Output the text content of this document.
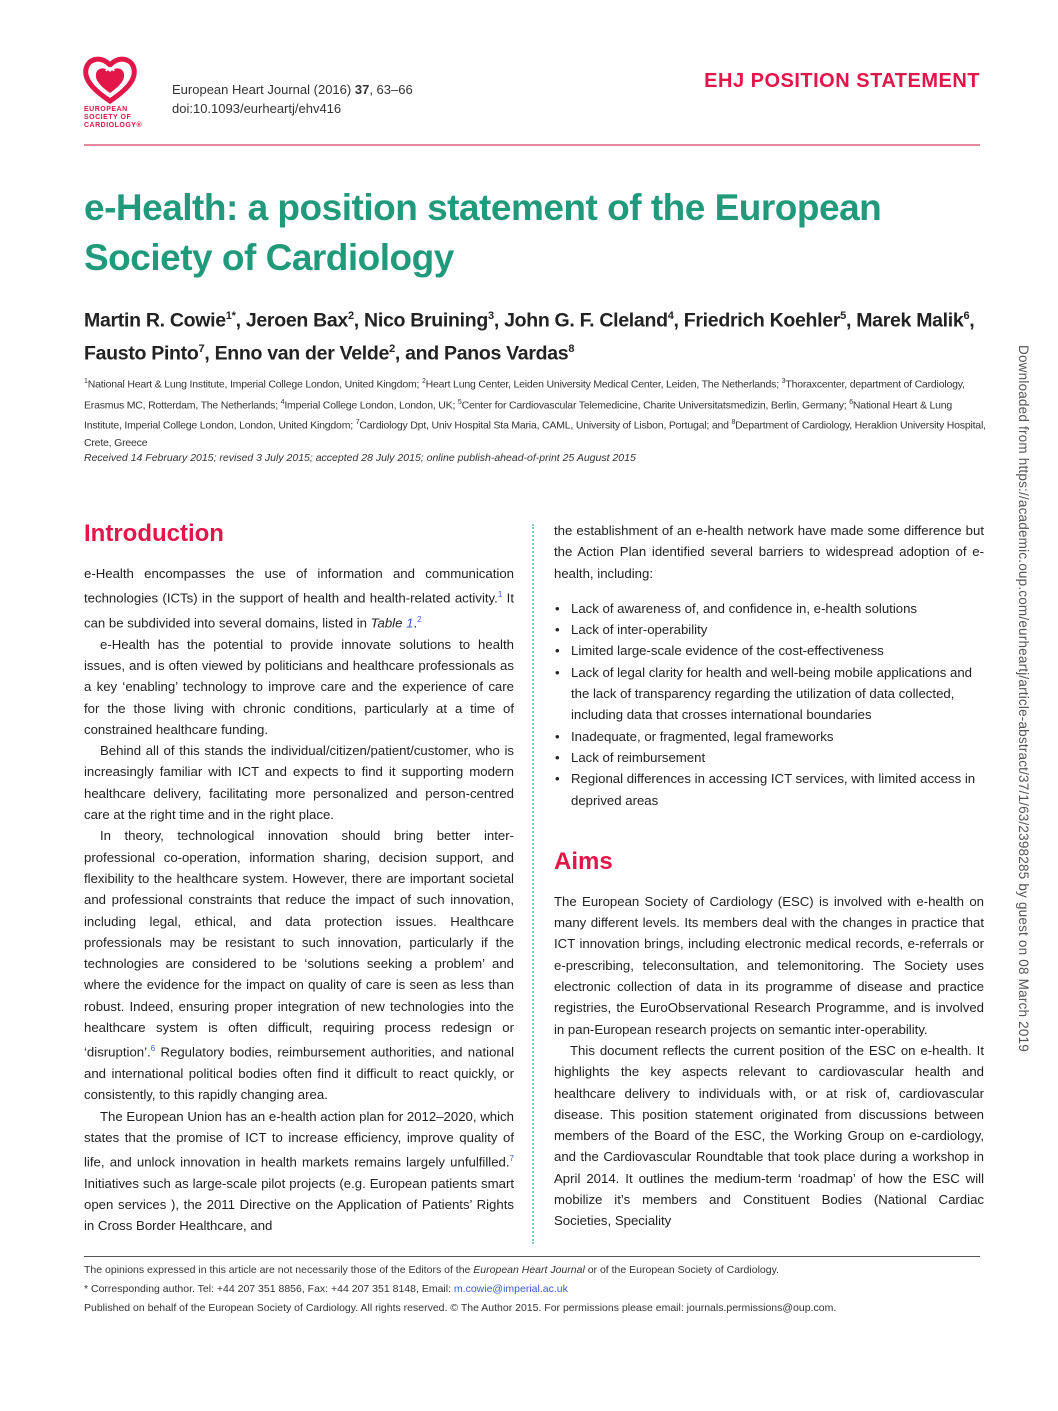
EUROPEAN
SOCIETY OF
CARDIOLOGY®
European Heart Journal (2016) 37, 63–66
doi:10.1093/eurheartj/ehv416
EHJ POSITION STATEMENT
e-Health: a position statement of the European Society of Cardiology
Martin R. Cowie$^{1*}$, Jeroen Bax$^2$, Nico Bruining$^3$, John G. F. Cleland$^4$, Friedrich Koehler$^5$, Marek Malik$^6$, Fausto Pinto$^7$, Enno van der Velde$^2$, and Panos Vardas$^8$
$^1$National Heart & Lung Institute, Imperial College London, United Kingdom; $^2$Heart Lung Center, Leiden University Medical Center, Leiden, The Netherlands; $^3$Thoraxcenter, department of Cardiology, Erasmus MC, Rotterdam, The Netherlands; $^4$Imperial College London, London, UK; $^5$Center for Cardiovascular Telemedicine, Charite Universitatsmedizin, Berlin, Germany; $^6$National Heart & Lung Institute, Imperial College London, London, United Kingdom; $^7$Cardiology Dpt, Univ Hospital Sta Maria, CAML, University of Lisbon, Portugal; and $^8$Department of Cardiology, Heraklion University Hospital, Crete, Greece
Received 14 February 2015; revised 3 July 2015; accepted 28 July 2015; online publish-ahead-of-print 25 August 2015
Introduction

e-Health encompasses the use of information and communication technologies (ICTs) in the support of health and health-related activity.$^1$ It can be subdivided into several domains, listed in Table 1.$^2$

e-Health has the potential to provide innovate solutions to health issues, and is often viewed by politicians and healthcare professionals as a key ‘enabling’ technology to improve care and the experience of care for the those living with chronic conditions, particularly at a time of constrained healthcare funding.

Behind all of this stands the individual/citizen/patient/customer, who is increasingly familiar with ICT and expects to find it supporting modern healthcare delivery, facilitating more personalized and person-centred care at the right time and in the right place.

In theory, technological innovation should bring better inter-professional co-operation, information sharing, decision support, and flexibility to the healthcare system. However, there are important societal and professional constraints that reduce the impact of such innovation, including legal, ethical, and data protection issues. Healthcare professionals may be resistant to such innovation, particularly if the technologies are considered to be ‘solutions seeking a problem’ and where the evidence for the impact on quality of care is seen as less than robust. Indeed, ensuring proper integration of new technologies into the healthcare system is often difficult, requiring process redesign or ‘disruption’.$^6$ Regulatory bodies, reimbursement authorities, and national and international political bodies often find it difficult to react quickly, or consistently, to this rapidly changing area.

The European Union has an e-health action plan for 2012–2020, which states that the promise of ICT to increase efficiency, improve quality of life, and unlock innovation in health markets remains largely unfulfilled.$^7$ Initiatives such as large-scale pilot projects (e.g. European patients smart open services ), the 2011 Directive on the Application of Patients’ Rights in Cross Border Healthcare, and

the establishment of an e-health network have made some difference but the Action Plan identified several barriers to widespread adoption of e-health, including:

• Lack of awareness of, and confidence in, e-health solutions
• Lack of inter-operability
• Limited large-scale evidence of the cost-effectiveness
• Lack of legal clarity for health and well-being mobile applications and the lack of transparency regarding the utilization of data collected, including data that crosses international boundaries
• Inadequate, or fragmented, legal frameworks
• Lack of reimbursement
• Regional differences in accessing ICT services, with limited access in deprived areas
Aims

The European Society of Cardiology (ESC) is involved with e-health on many different levels. Its members deal with the changes in practice that ICT innovation brings, including electronic medical records, e-referrals or e-prescribing, teleconsultation, and telemonitoring. The Society uses electronic collection of data in its programme of disease and practice registries, the EuroObservational Research Programme, and is involved in pan-European research projects on semantic inter-operability.

This document reflects the current position of the ESC on e-health. It highlights the key aspects relevant to cardiovascular health and healthcare delivery to individuals with, or at risk of, cardiovascular disease. This position statement originated from discussions between members of the Board of the ESC, the Working Group on e-cardiology, and the Cardiovascular Roundtable that took place during a workshop in April 2014. It outlines the medium-term ‘roadmap’ of how the ESC will mobilize it’s members and Constituent Bodies (National Cardiac Societies, Speciality

The opinions expressed in this article are not necessarily those of the Editors of the European Heart Journal or of the European Society of Cardiology.
* Corresponding author. Tel: +44 207 351 8856, Fax: +44 207 351 8148, Email: m.cowie@imperial.ac.uk
Published on behalf of the European Society of Cardiology. All rights reserved. © The Author 2015. For permissions please email: journals.permissions@oup.com.
Downloaded from https://academic.oup.com/eurheartj/article-abstract/37/1/63/2398285 by guest on 08 March 2019
